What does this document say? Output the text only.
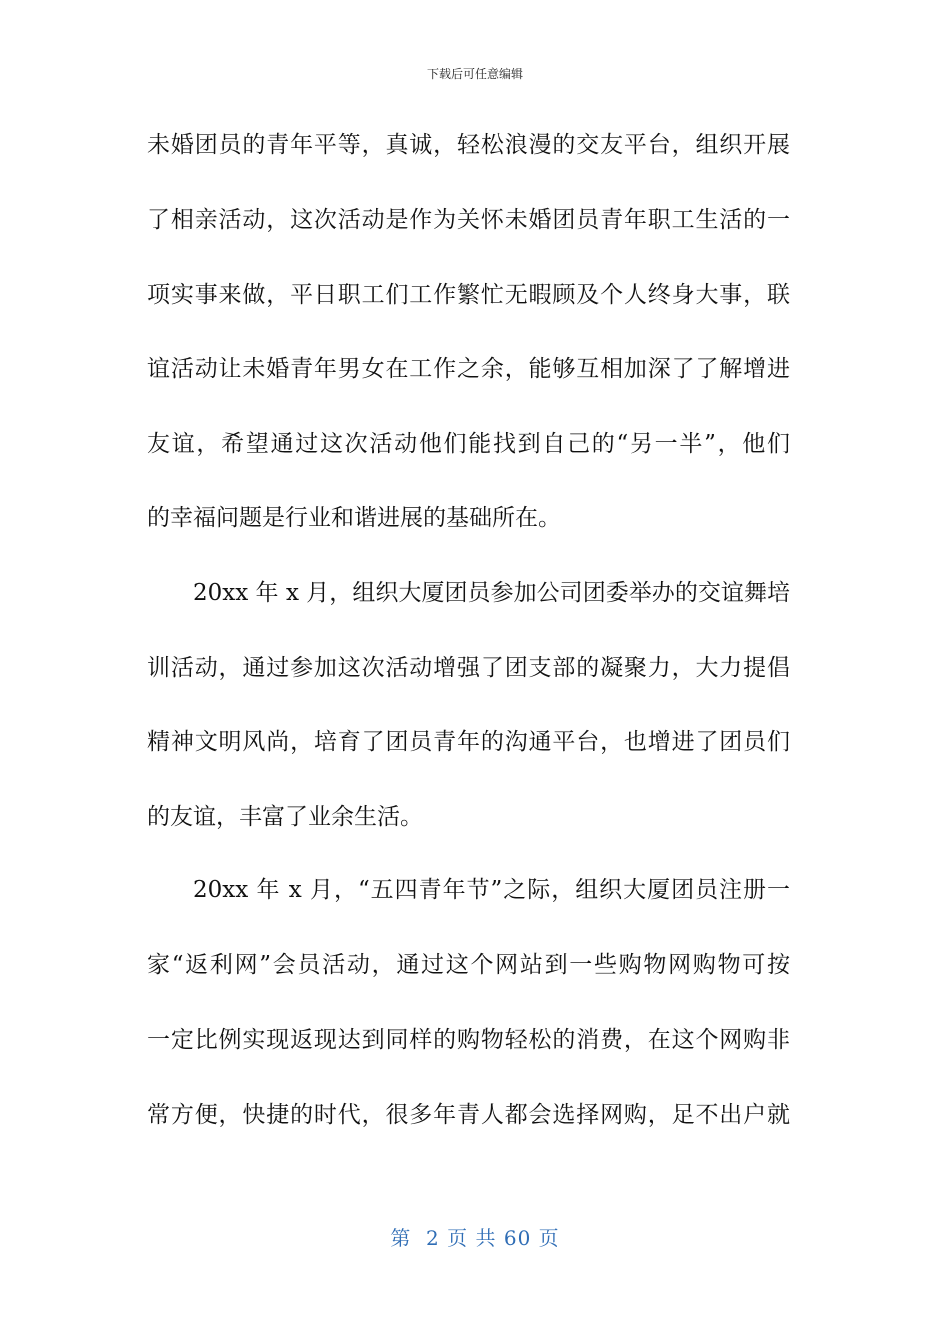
下载后可任意编辑
未婚团员的青年平等，真诚，轻松浪漫的交友平台，组织开展
了相亲活动，这次活动是作为关怀未婚团员青年职工生活的一
项实事来做，平日职工们工作繁忙无暇顾及个人终身大事，联
谊活动让未婚青年男女在工作之余，能够互相加深了了解增进
友谊，希望通过这次活动他们能找到自己的“另一半”，他们
的幸福问题是行业和谐进展的基础所在。
20xx 年 x 月，组织大厦团员参加公司团委举办的交谊舞培
训活动，通过参加这次活动增强了团支部的凝聚力，大力提倡
精神文明风尚，培育了团员青年的沟通平台，也增进了团员们
的友谊，丰富了业余生活。
20xx 年 x 月，“五四青年节”之际，组织大厦团员注册一
家“返利网”会员活动，通过这个网站到一些购物网购物可按
一定比例实现返现达到同样的购物轻松的消费，在这个网购非
常方便，快捷的时代，很多年青人都会选择网购，足不出户就
第  2 页 共 60 页
